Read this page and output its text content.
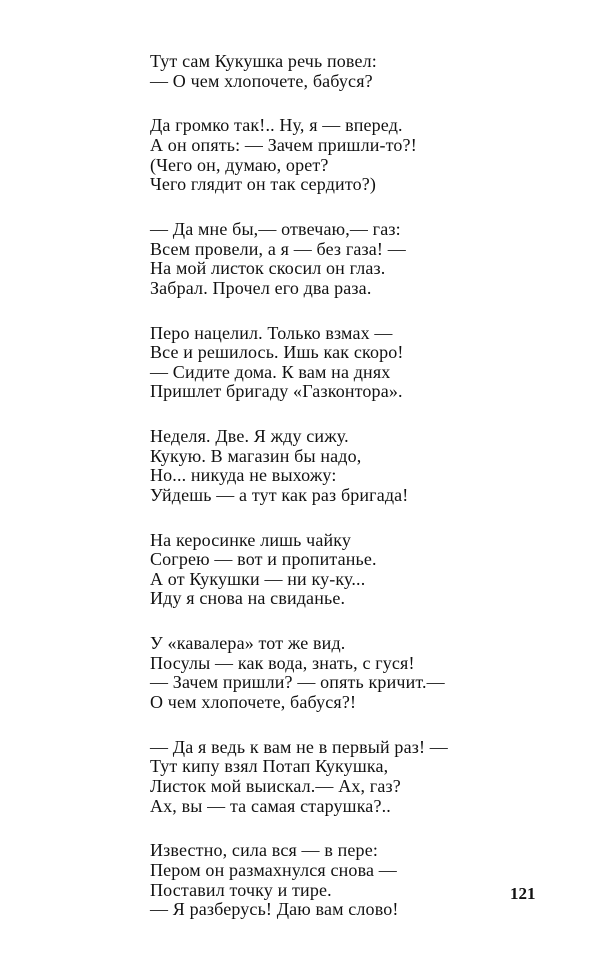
Тут сам Кукушка речь повел:
— О чем хлопочете, бабуся?
Да громко так!.. Ну, я — вперед.
А он опять: — Зачем пришли-то?!
(Чего он, думаю, орет?
Чего глядит он так сердито?)
— Да мне бы,— отвечаю,— газ:
Всем провели, а я — без газа! —
На мой листок скосил он глаз.
Забрал. Прочел его два раза.
Перо нацелил. Только взмах —
Все и решилось. Ишь как скоро!
— Сидите дома. К вам на днях
Пришлет бригаду «Газконтора».
Неделя. Две. Я жду сижу.
Кукую. В магазин бы надо,
Но... никуда не выхожу:
Уйдешь — а тут как раз бригада!
На керосинке лишь чайку
Согрею — вот и пропитанье.
А от Кукушки — ни ку-ку...
Иду я снова на свиданье.
У «кавалера» тот же вид.
Посулы — как вода, знать, с гуся!
— Зачем пришли? — опять кричит.—
О чем хлопочете, бабуся?!
— Да я ведь к вам не в первый раз! —
Тут кипу взял Потап Кукушка,
Листок мой выискал.— Ах, газ?
Ах, вы — та самая старушка?..
Известно, сила вся — в пере:
Пером он размахнулся снова —
Поставил точку и тире.
— Я разберусь! Даю вам слово!
121
